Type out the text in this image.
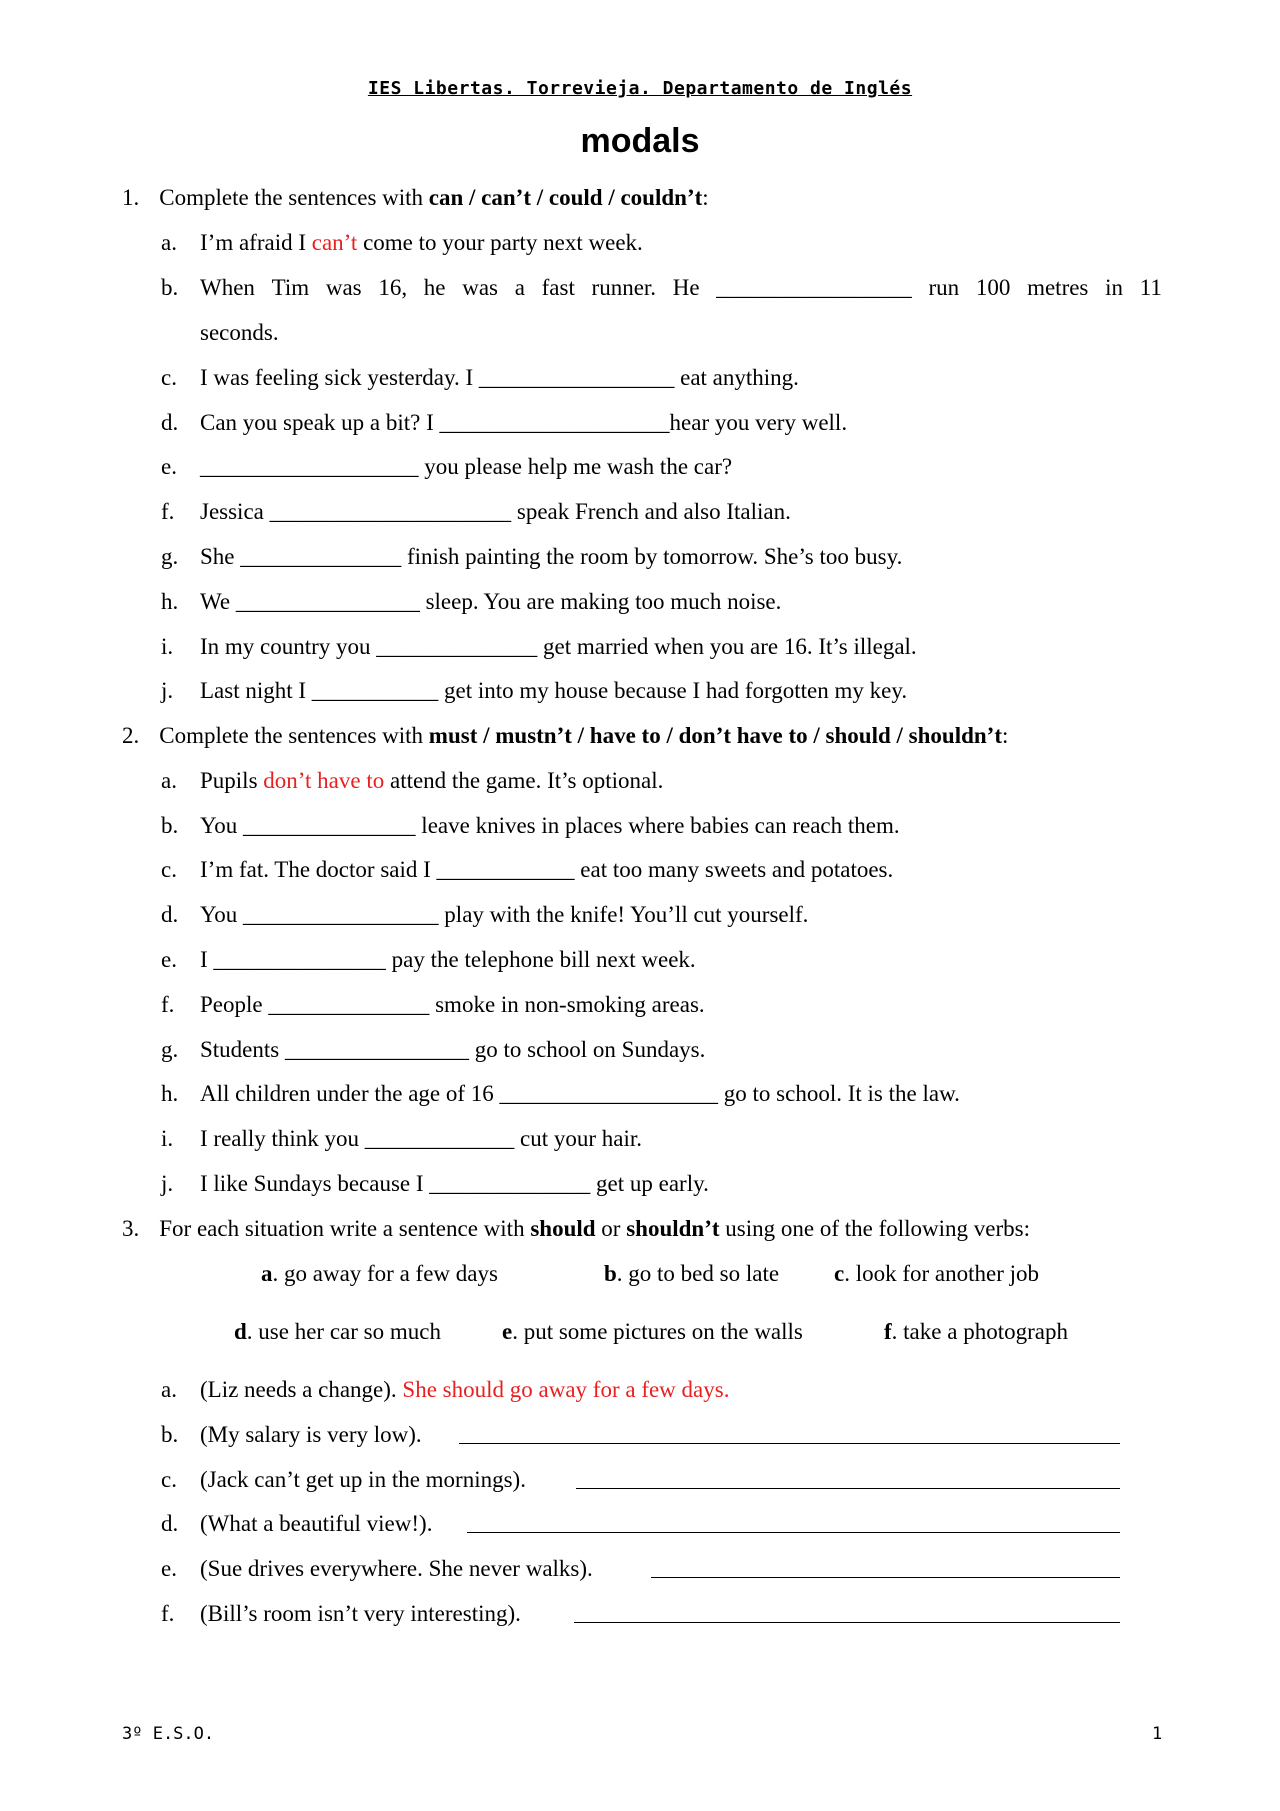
IES Libertas. Torrevieja. Departamento de Inglés
modals
1. Complete the sentences with can / can’t / could / couldn’t:
a. I’m afraid I can’t come to your party next week.
b. When Tim was 16, he was a fast runner. He _________________ run 100 metres in 11
seconds.
c. I was feeling sick yesterday. I _________________ eat anything.
d. Can you speak up a bit? I ____________________hear you very well.
e. ___________________ you please help me wash the car?
f. Jessica _____________________ speak French and also Italian.
g. She ______________ finish painting the room by tomorrow. She’s too busy.
h. We ________________ sleep. You are making too much noise.
i. In my country you ______________ get married when you are 16. It’s illegal.
j. Last night I ___________ get into my house because I had forgotten my key.
2. Complete the sentences with must / mustn’t / have to / don’t have to / should / shouldn’t:
a. Pupils don’t have to attend the game. It’s optional.
b. You _______________ leave knives in places where babies can reach them.
c. I’m fat. The doctor said I ____________ eat too many sweets and potatoes.
d. You _________________ play with the knife! You’ll cut yourself.
e. I _______________ pay the telephone bill next week.
f. People ______________ smoke in non-smoking areas.
g. Students ________________ go to school on Sundays.
h. All children under the age of 16 ___________________ go to school. It is the law.
i. I really think you _____________ cut your hair.
j. I like Sundays because I ______________ get up early.
3. For each situation write a sentence with should or shouldn’t using one of the following verbs:
a. go away for a few days	b. go to bed so late c. look for another job
d. use her car so much	e. put some pictures on the walls	f. take a photograph
a. (Liz needs a change). She should go away for a few days.
b. (My salary is very low).
c. (Jack can’t get up in the mornings).
d. (What a beautiful view!).
e. (Sue drives everywhere. She never walks).
f. (Bill’s room isn’t very interesting).
3º E.S.O.	1
